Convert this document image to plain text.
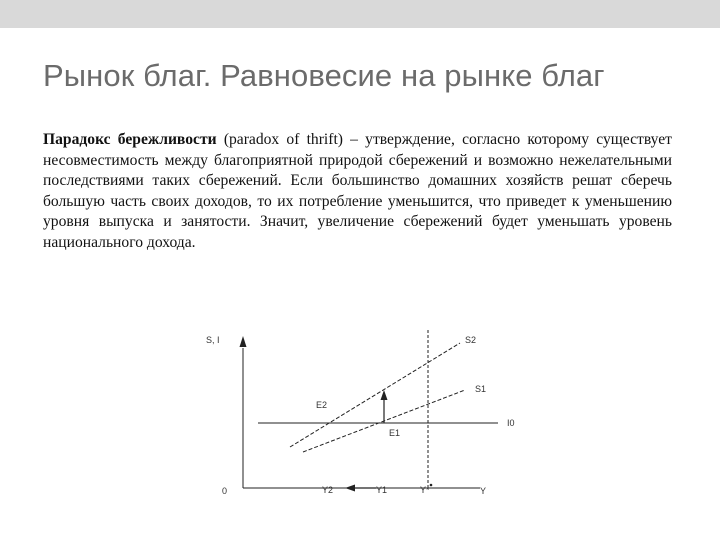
Рынок благ. Равновесие на рынке благ
Парадокс бережливости (paradox of thrift) – утверждение, согласно которому существует несовместимость между благоприятной природой сбережений и возможно нежелательными последствиями таких сбережений. Если большинство домашних хозяйств решат сберечь большую часть своих доходов, то их потребление уменьшится, что приведет к уменьшению уровня выпуска и занятости. Значит, увеличение сбережений будет уменьшать уровень национального дохода.
S, I
0	Y
S2
S1
I0
E2
E1
Y2	Y1	Y*
